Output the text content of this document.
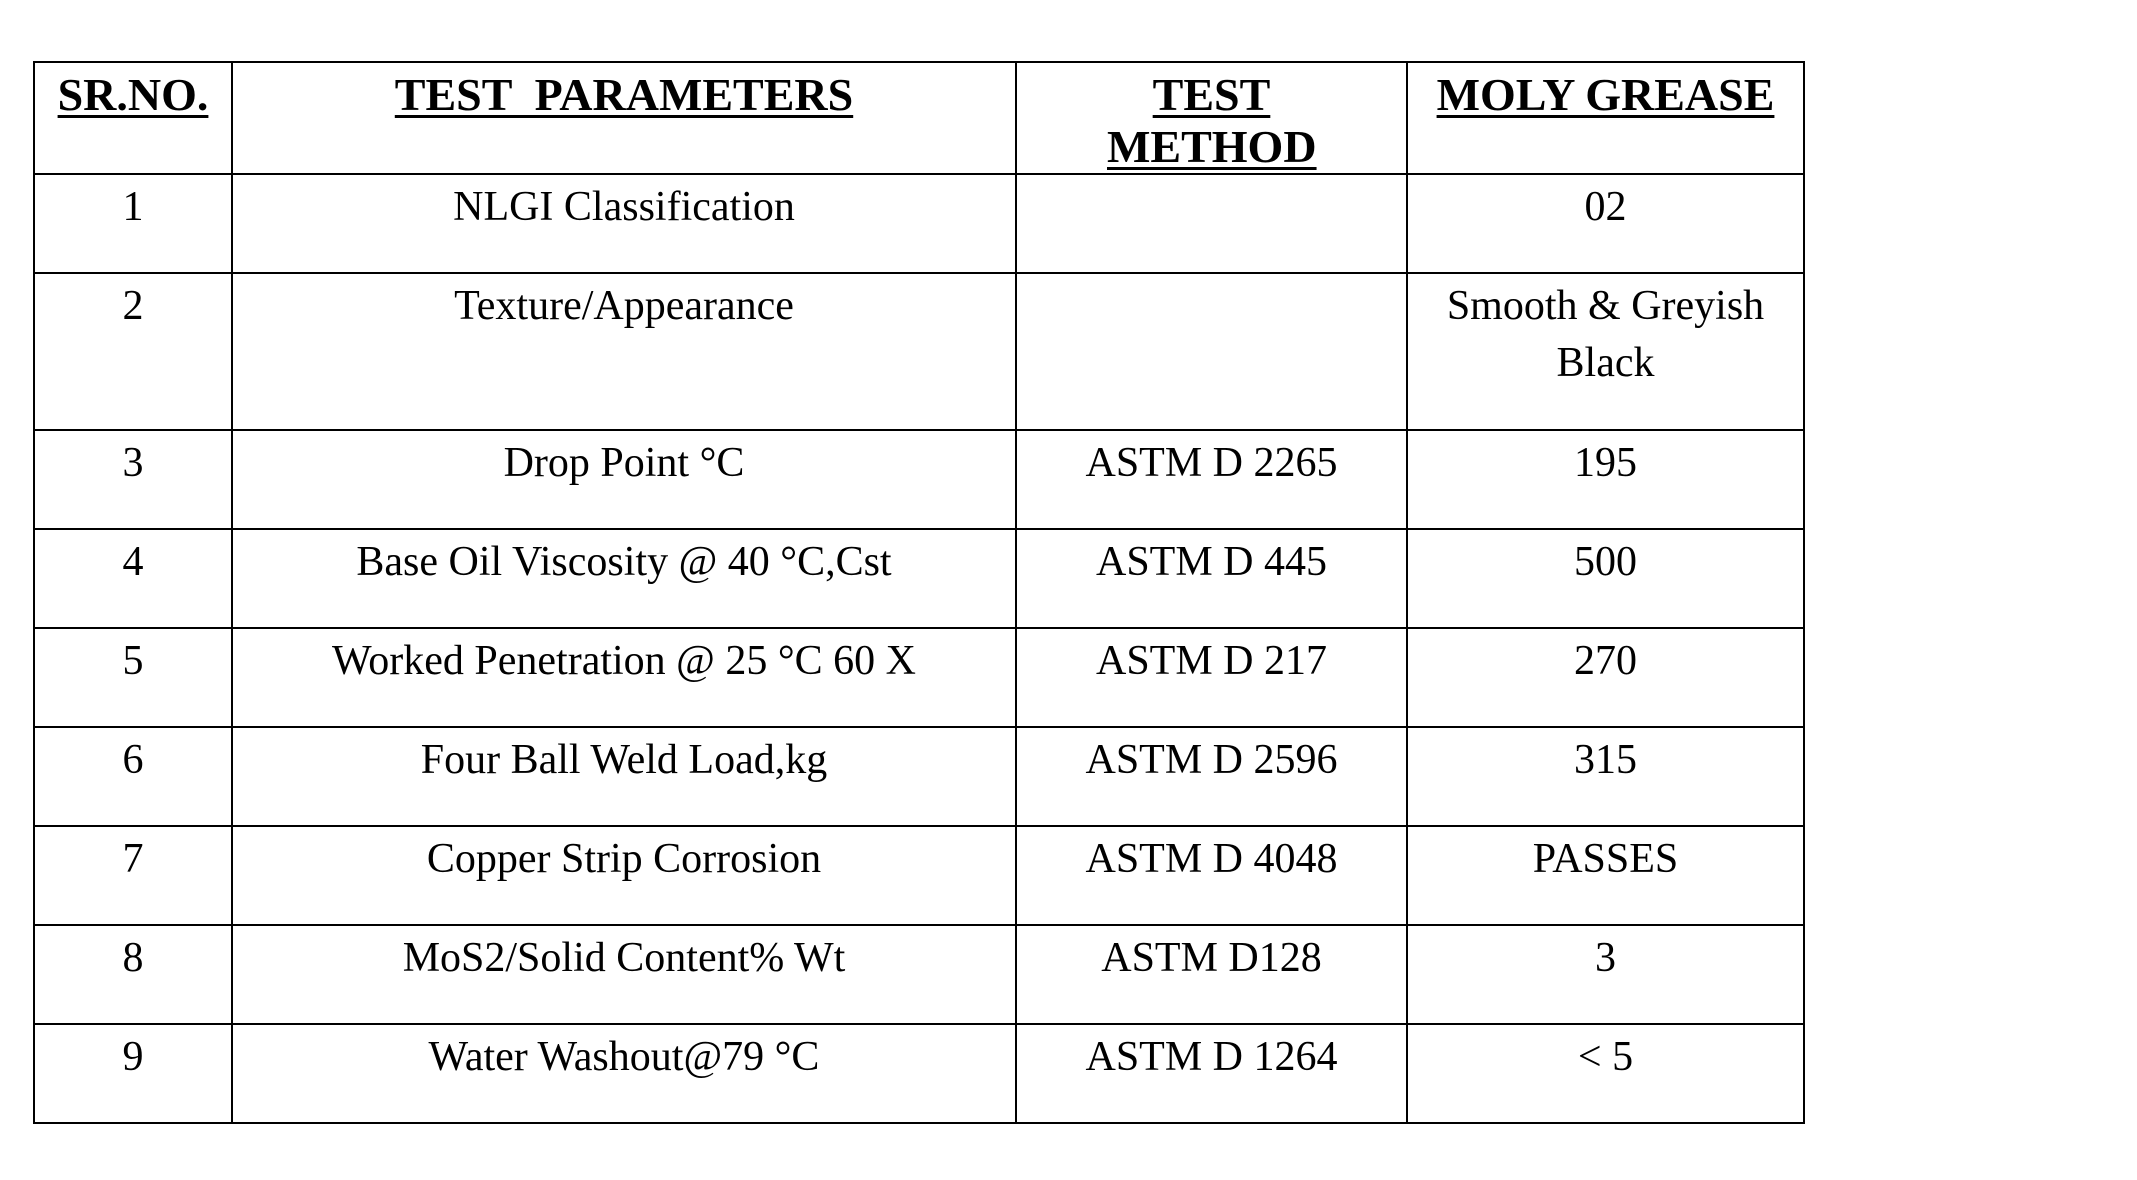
SR.NO.	TEST  PARAMETERS	TEST METHOD	MOLY GREASE
1	NLGI Classification		02
2	Texture/Appearance		Smooth & Greyish Black
3	Drop Point °C	ASTM D 2265	195
4	Base Oil Viscosity @ 40 °C,Cst	ASTM D 445	500
5	Worked Penetration @ 25 °C 60 X	ASTM D 217	270
6	Four Ball Weld Load,kg	ASTM D 2596	315
7	Copper Strip Corrosion	ASTM D 4048	PASSES
8	MoS2/Solid Content% Wt	ASTM D128	3
9	Water Washout@79 °C	ASTM D 1264	< 5
